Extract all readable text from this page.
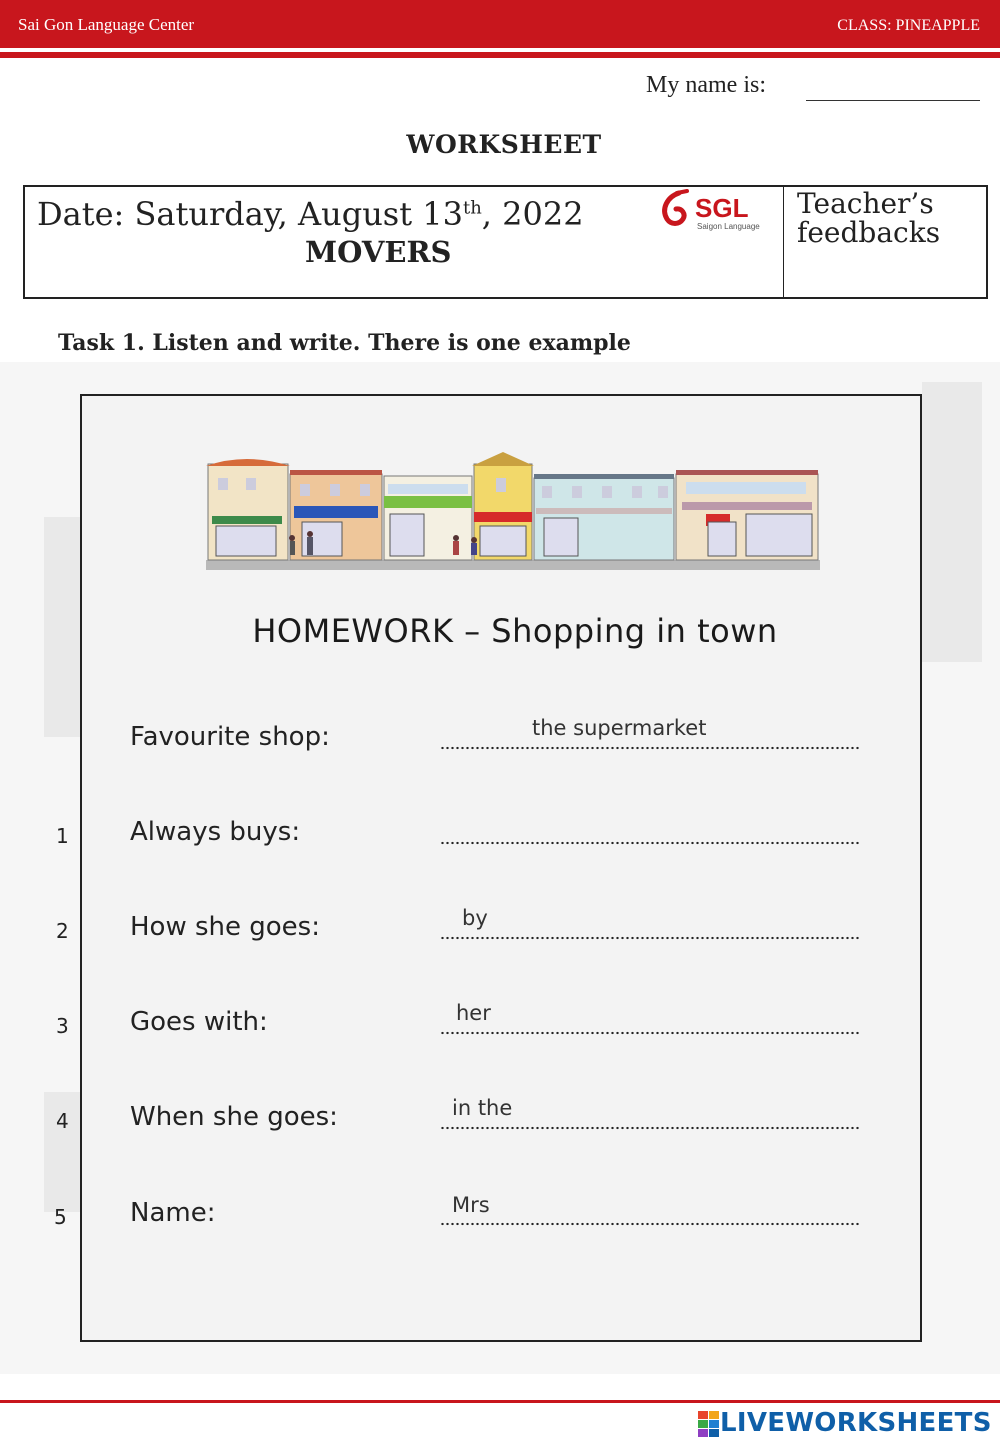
Sai Gon Language Center	CLASS: PINEAPPLE
My name is:
WORKSHEET
Date: Saturday, August 13th, 2022
MOVERS
SGL
Saigon Language
Teacher’s feedbacks
Task 1. Listen and write. There is one example
HOMEWORK – Shopping in town
Favourite shop:	the supermarket
1 Always buys:
2 How she goes:	by
3 Goes with:	her
4 When she goes:	in the
5 Name:	Mrs
LIVEWORKSHEETS
